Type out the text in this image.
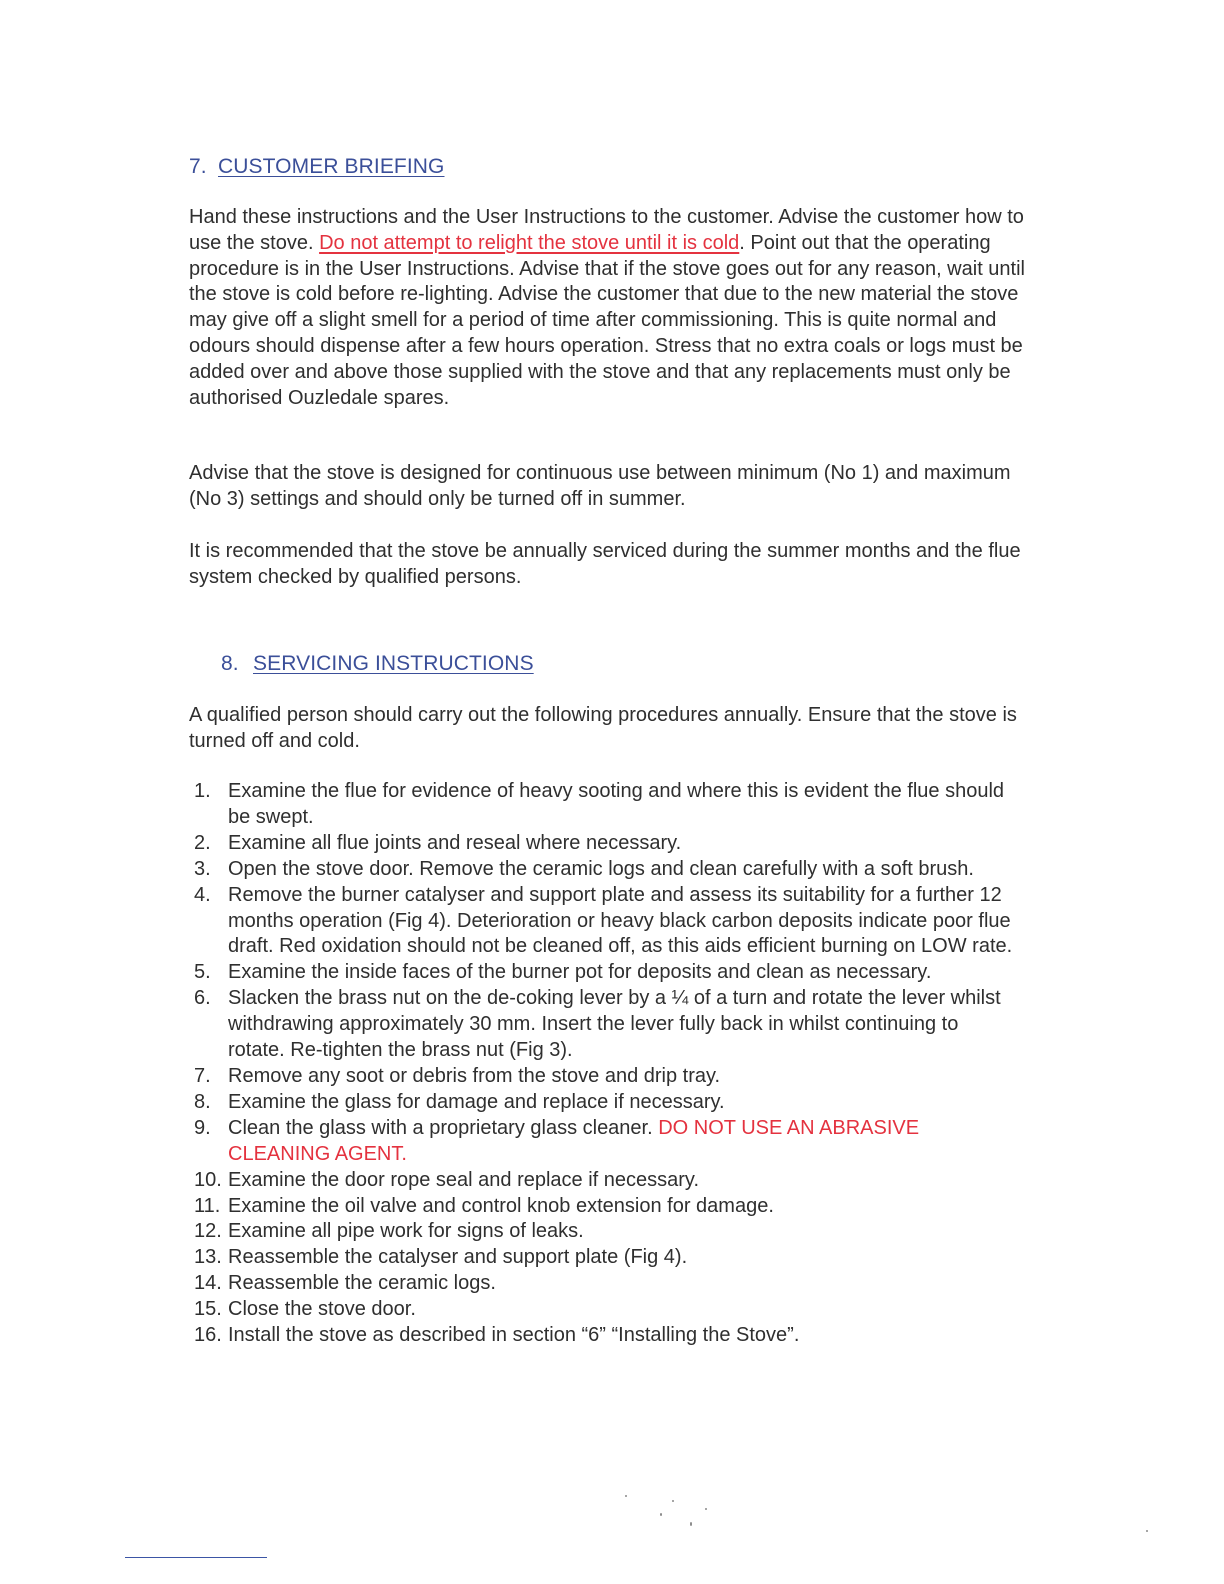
7. CUSTOMER BRIEFING

Hand these instructions and the User Instructions to the customer. Advise the customer how to use the stove. Do not attempt to relight the stove until it is cold. Point out that the operating procedure is in the User Instructions. Advise that if the stove goes out for any reason, wait until the stove is cold before re-lighting. Advise the customer that due to the new material the stove may give off a slight smell for a period of time after commissioning. This is quite normal and odours should dispense after a few hours operation. Stress that no extra coals or logs must be added over and above those supplied with the stove and that any replacements must only be authorised Ouzledale spares.

Advise that the stove is designed for continuous use between minimum (No 1) and maximum (No 3) settings and should only be turned off in summer.

It is recommended that the stove be annually serviced during the summer months and the flue system checked by qualified persons.

8. SERVICING INSTRUCTIONS

A qualified person should carry out the following procedures annually. Ensure that the stove is turned off and cold.

1. Examine the flue for evidence of heavy sooting and where this is evident the flue should be swept.
2. Examine all flue joints and reseal where necessary.
3. Open the stove door. Remove the ceramic logs and clean carefully with a soft brush.
4. Remove the burner catalyser and support plate and assess its suitability for a further 12 months operation (Fig 4). Deterioration or heavy black carbon deposits indicate poor flue draft. Red oxidation should not be cleaned off, as this aids efficient burning on LOW rate.
5. Examine the inside faces of the burner pot for deposits and clean as necessary.
6. Slacken the brass nut on the de-coking lever by a ¼ of a turn and rotate the lever whilst withdrawing approximately 30 mm. Insert the lever fully back in whilst continuing to rotate. Re-tighten the brass nut (Fig 3).
7. Remove any soot or debris from the stove and drip tray.
8. Examine the glass for damage and replace if necessary.
9. Clean the glass with a proprietary glass cleaner. DO NOT USE AN ABRASIVE CLEANING AGENT.
10. Examine the door rope seal and replace if necessary.
11. Examine the oil valve and control knob extension for damage.
12. Examine all pipe work for signs of leaks.
13. Reassemble the catalyser and support plate (Fig 4).
14. Reassemble the ceramic logs.
15. Close the stove door.
16. Install the stove as described in section “6” “Installing the Stove”.
